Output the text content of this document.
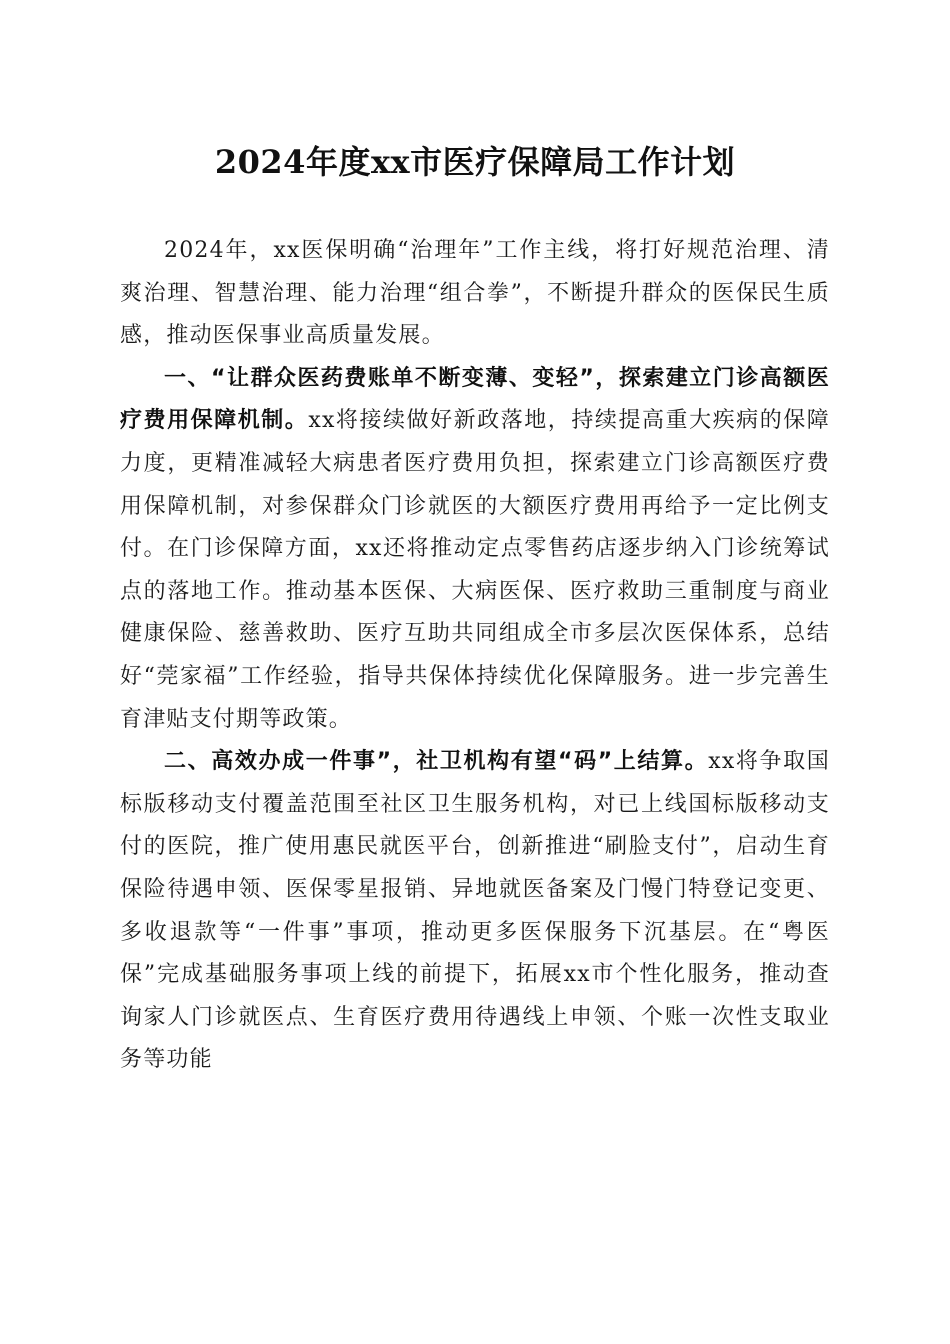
2024年度xx市医疗保障局工作计划

2024年，xx医保明确“治理年”工作主线，将打好规范治理、清爽治理、智慧治理、能力治理“组合拳”，不断提升群众的医保民生质感，推动医保事业高质量发展。

一、“让群众医药费账单不断变薄、变轻”，探索建立门诊高额医疗费用保障机制。xx将接续做好新政落地，持续提高重大疾病的保障力度，更精准减轻大病患者医疗费用负担，探索建立门诊高额医疗费用保障机制，对参保群众门诊就医的大额医疗费用再给予一定比例支付。在门诊保障方面，xx还将推动定点零售药店逐步纳入门诊统筹试点的落地工作。推动基本医保、大病医保、医疗救助三重制度与商业健康保险、慈善救助、医疗互助共同组成全市多层次医保体系，总结好“莞家福”工作经验，指导共保体持续优化保障服务。进一步完善生育津贴支付期等政策。

二、高效办成一件事”，社卫机构有望“码”上结算。xx将争取国标版移动支付覆盖范围至社区卫生服务机构，对已上线国标版移动支付的医院，推广使用惠民就医平台，创新推进“刷脸支付”，启动生育保险待遇申领、医保零星报销、异地就医备案及门慢门特登记变更、多收退款等“一件事”事项，推动更多医保服务下沉基层。在“粤医保”完成基础服务事项上线的前提下，拓展xx市个性化服务，推动查询家人门诊就医点、生育医疗费用待遇线上申领、个账一次性支取业务等功能
